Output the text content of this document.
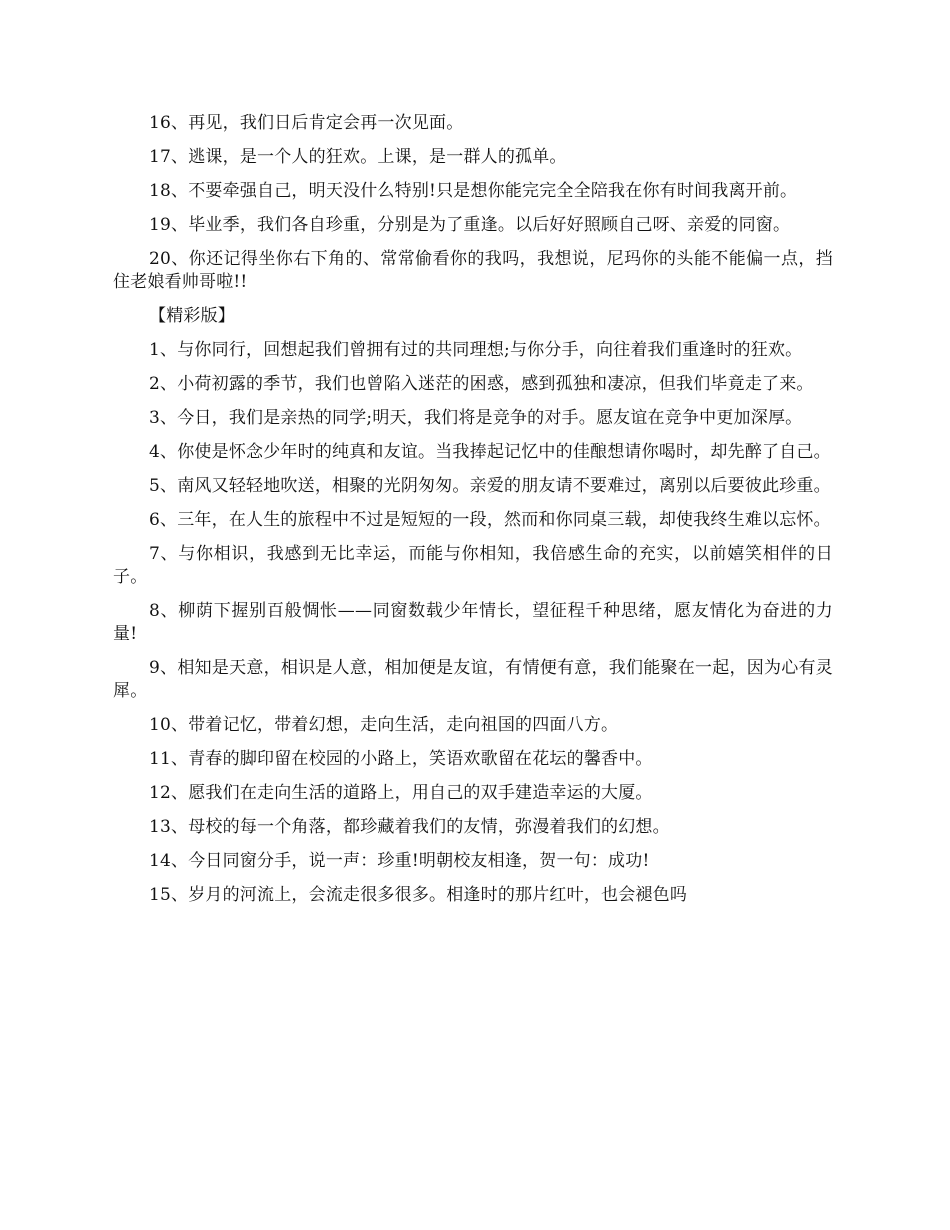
16、再见，我们日后肯定会再一次见面。

17、逃课，是一个人的狂欢。上课，是一群人的孤单。

18、不要牵强自己，明天没什么特别!只是想你能完完全全陪我在你有时间我离开前。

19、毕业季，我们各自珍重，分别是为了重逢。以后好好照顾自己呀、亲爱的同窗。

20、你还记得坐你右下角的、常常偷看你的我吗，我想说，尼玛你的头能不能偏一点，挡住老娘看帅哥啦!!

【精彩版】

1、与你同行，回想起我们曾拥有过的共同理想;与你分手，向往着我们重逢时的狂欢。

2、小荷初露的季节，我们也曾陷入迷茫的困惑，感到孤独和凄凉，但我们毕竟走了来。

3、今日，我们是亲热的同学;明天，我们将是竞争的对手。愿友谊在竞争中更加深厚。

4、你使是怀念少年时的纯真和友谊。当我捧起记忆中的佳酿想请你喝时，却先醉了自己。

5、南风又轻轻地吹送，相聚的光阴匆匆。亲爱的朋友请不要难过，离别以后要彼此珍重。

6、三年，在人生的旅程中不过是短短的一段，然而和你同桌三载，却使我终生难以忘怀。

7、与你相识，我感到无比幸运，而能与你相知，我倍感生命的充实，以前嬉笑相伴的日子。

8、柳荫下握别百般惆怅——同窗数载少年情长，望征程千种思绪，愿友情化为奋进的力量!

9、相知是天意，相识是人意，相加便是友谊，有情便有意，我们能聚在一起，因为心有灵犀。

10、带着记忆，带着幻想，走向生活，走向祖国的四面八方。

11、青春的脚印留在校园的小路上，笑语欢歌留在花坛的馨香中。

12、愿我们在走向生活的道路上，用自己的双手建造幸运的大厦。

13、母校的每一个角落，都珍藏着我们的友情，弥漫着我们的幻想。

14、今日同窗分手，说一声：珍重!明朝校友相逢，贺一句：成功!

15、岁月的河流上，会流走很多很多。相逢时的那片红叶，也会褪色吗
